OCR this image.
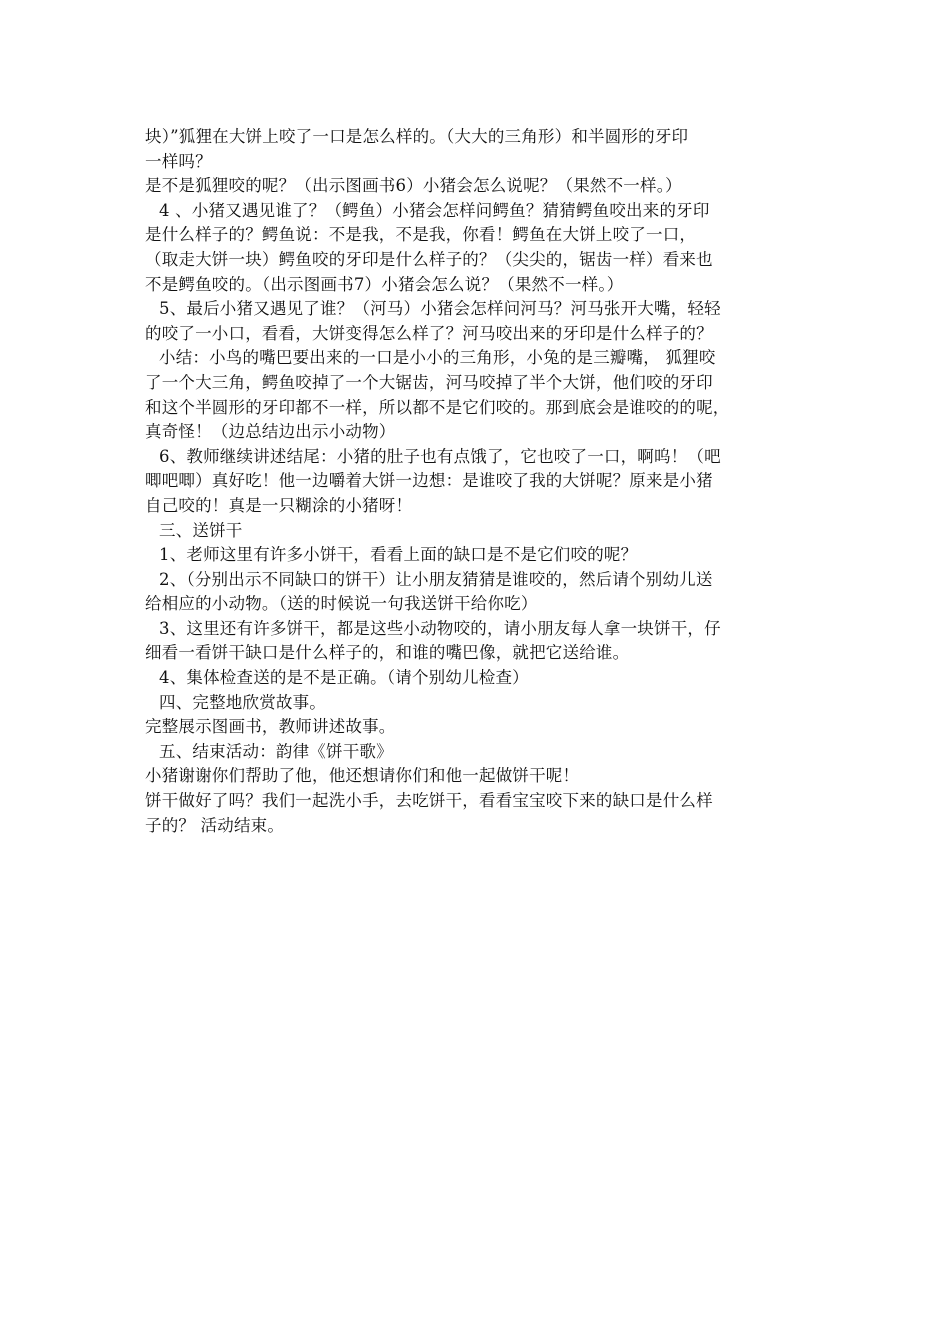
块）”狐狸在大饼上咬了一口是怎么样的。（大大的三角形）和半圆形的牙印
一样吗？
是不是狐狸咬的呢？（出示图画书6）小猪会怎么说呢？（果然不一样。）
4 、小猪又遇见谁了？（鳄鱼）小猪会怎样问鳄鱼？猜猜鳄鱼咬出来的牙印
是什么样子的？鳄鱼说：不是我，不是我，你看！鳄鱼在大饼上咬了一口，
（取走大饼一块）鳄鱼咬的牙印是什么样子的？（尖尖的，锯齿一样）看来也
不是鳄鱼咬的。（出示图画书7）小猪会怎么说？（果然不一样。）
5、最后小猪又遇见了谁？（河马）小猪会怎样问河马？河马张开大嘴，轻轻
的咬了一小口，看看，大饼变得怎么样了？河马咬出来的牙印是什么样子的？
小结：小鸟的嘴巴要出来的一口是小小的三角形，小兔的是三瓣嘴， 狐狸咬
了一个大三角，鳄鱼咬掉了一个大锯齿，河马咬掉了半个大饼，他们咬的牙印
和这个半圆形的牙印都不一样，所以都不是它们咬的。那到底会是谁咬的的呢，
真奇怪！（边总结边出示小动物）
6、教师继续讲述结尾：小猪的肚子也有点饿了，它也咬了一口，啊呜！（吧
唧吧唧）真好吃！他一边嚼着大饼一边想：是谁咬了我的大饼呢？原来是小猪
自己咬的！真是一只糊涂的小猪呀！
三、送饼干
1、老师这里有许多小饼干，看看上面的缺口是不是它们咬的呢？
2、（分别出示不同缺口的饼干）让小朋友猜猜是谁咬的，然后请个别幼儿送
给相应的小动物。（送的时候说一句我送饼干给你吃）
3、这里还有许多饼干，都是这些小动物咬的，请小朋友每人拿一块饼干，仔
细看一看饼干缺口是什么样子的，和谁的嘴巴像，就把它送给谁。
4、集体检查送的是不是正确。（请个别幼儿检查）
四、完整地欣赏故事。
完整展示图画书，教师讲述故事。
五、结束活动：韵律《饼干歌》
小猪谢谢你们帮助了他，他还想请你们和他一起做饼干呢！
饼干做好了吗？我们一起洗小手，去吃饼干，看看宝宝咬下来的缺口是什么样
子的？ 活动结束。
